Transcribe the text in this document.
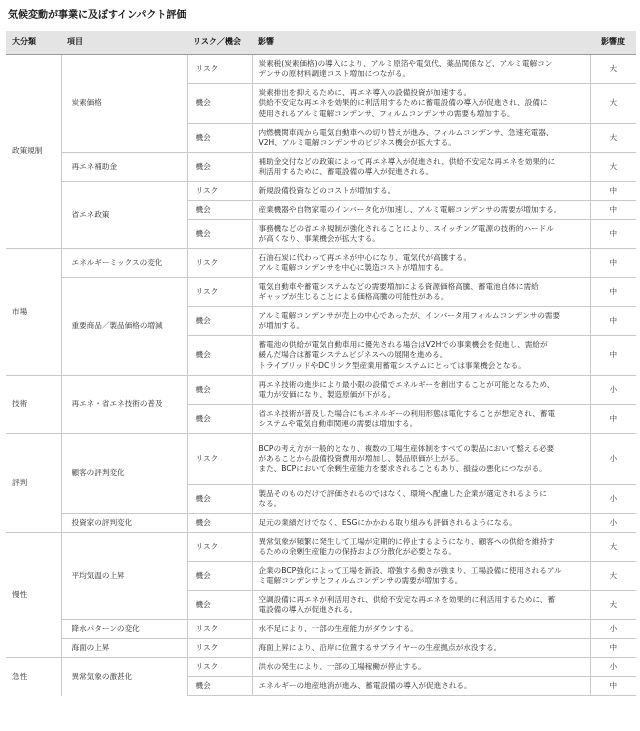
気候変動が事業に及ぼすインパクト評価
大分類	項目	リスク／機会	影響	影響度
政策規制	炭素価格	リスク	炭素税(炭素価格)の導入により、アルミ原箔や電気代、薬品関係など、アルミ電解コン
デンサの原材料調達コスト増加につながる。	大
		機会	炭素排出を抑えるために、再エネ導入の設備投資が加速する。
供給不安定な再エネを効果的に利活用するために蓄電設備の導入が促進され、設備に
使用されるアルミ電解コンデンサ、フィルムコンデンサの需要も増加する。	大
		機会	内燃機関車両から電気自動車への切り替えが進み、フィルムコンデンサ、急速充電器、
V2H、アルミ電解コンデンサのビジネス機会が拡大する。	大
	再エネ補助金	機会	補助金交付などの政策によって再エネ導入が促進され、供給不安定な再エネを効果的に
利活用するために、蓄電設備の導入が促進される。	大
	省エネ政策	リスク	新規設備投資などのコストが増加する。	中
		機会	産業機器や自物家電のインバータ化が加速し、アルミ電解コンデンサの需要が増加する。	中
		機会	事務機などの省エネ規制が強化されることにより、スイッチング電源の技術的ハードル
が高くなり、事業機会が拡大する。	中
市場	エネルギーミックスの変化	リスク	石油石炭に代わって再エネが中心になり、電気代が高騰する。
アルミ電解コンデンサを中心に製造コストが増加する。	中
	重要商品／製品価格の増減	リスク	電気自動車や蓄電システムなどの需要増加による資源価格高騰、蓄電池自体に需給
ギャップが生じることによる価格高騰の可能性がある。	中
		機会	アルミ電解コンデンサが売上の中心であったが、インバータ用フィルムコンデンサの需要
が増加する。	中
		機会	蓄電池の供給が電気自動車用に優先される場合はV2Hでの事業機会を促進し、需給が
緩んだ場合は蓄電システムビジネスへの展開を進める。
トライブリッドやDCリンク型産業用蓄電システムにとっては事業機会となる。	中
技術	再エネ・省エネ技術の普及	機会	再エネ技術の進歩により最小限の設備でエネルギーを創出することが可能となるため、
電力が安価になり、製造原価が下がる。	小
		機会	省エネ技術が普及した場合にもエネルギーの利用形態は電化することが想定され、蓄電
システムや電気自動車関連の需要は増加する。	中
評判	顧客の評判変化	リスク	BCPの考え方が一般的となり、複数の工場生産体制をすべての製品において整える必要
があることから設備投資費用が増加し、製品原価が上がる。
また、BCPにおいて余剰生産能力を要求されることもあり、損益の悪化につながる。	小
		機会	製品そのものだけで評価されるのではなく、環境へ配慮した企業が選定されるように
なる。	小
	投資家の評判変化	機会	足元の業績だけでなく、ESGにかかわる取り組みも評価されるようになる。	小
慢性	平均気温の上昇	リスク	異常気象が頻繁に発生して工場が定期的に停止するようになり、顧客への供給を維持す
るための余剰生産能力の保持および分散化が必要となる。	大
		機会	企業のBCP強化によって工場を新設、増強する動きが強まり、工場設備に使用されるアル
ミ電解コンデンサとフィルムコンデンサの需要が増加する。	大
		機会	空調設備に再エネが利活用され、供給不安定な再エネを効果的に利活用するために、蓄
電設備の導入が促進される。	大
	降水パターンの変化	リスク	水不足により、一部の生産能力がダウンする。	小
	海面の上昇	リスク	海面上昇により、沿岸に位置するサプライヤーの生産拠点が水没する。	中
急性	異常気象の激甚化	リスク	洪水の発生により、一部の工場稼働が停止する。	小
		機会	エネルギーの地産地消が進み、蓄電設備の導入が促進される。	中
